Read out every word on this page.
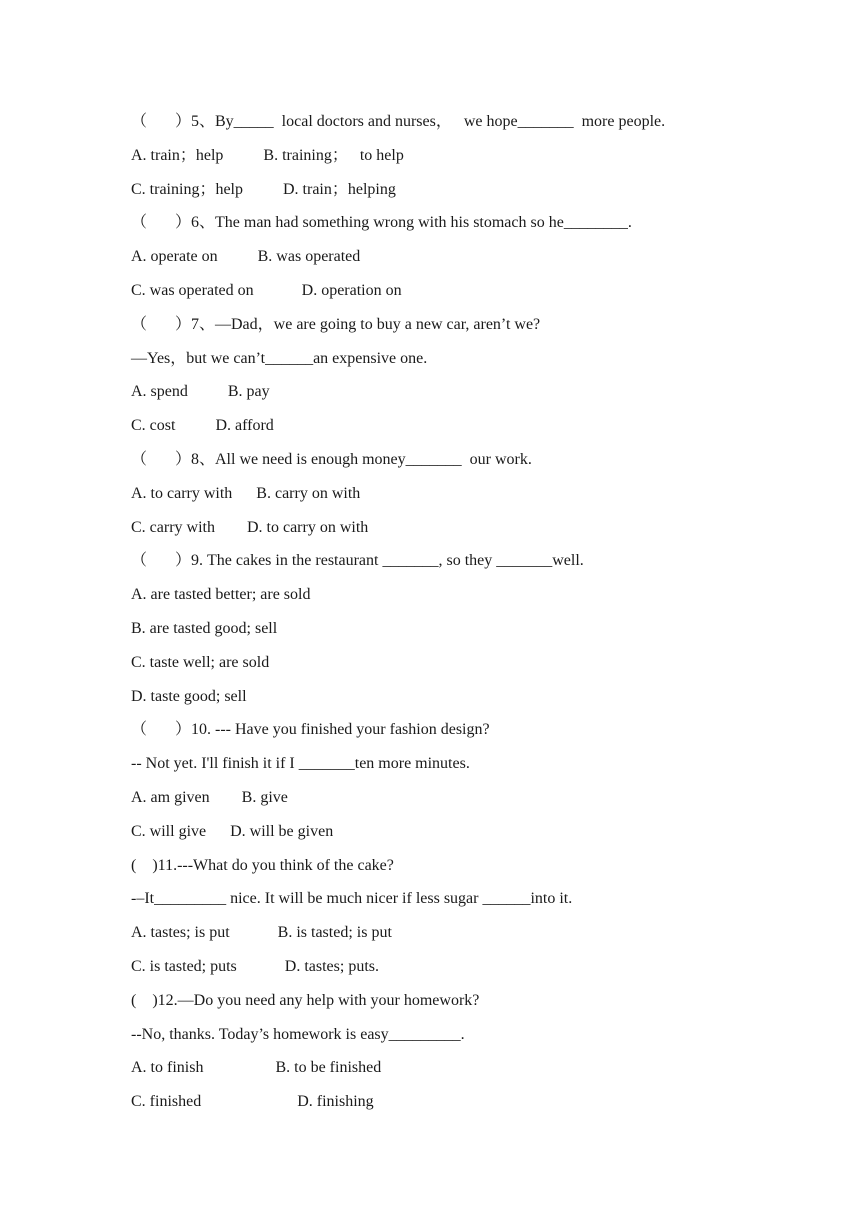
（　   ）5、By_____  local doctors and nurses，   we hope_______  more people.
A. train；help          B. training；   to help
C. training；help          D. train；helping
（　   ）6、The man had something wrong with his stomach so he________.
A. operate on          B. was operated
C. was operated on            D. operation on
（　   ）7、—Dad，we are going to buy a new car, aren’t we?
—Yes，but we can’t______an expensive one.
A. spend          B. pay
C. cost          D. afford
（　   ）8、All we need is enough money_______  our work.
A. to carry with      B. carry on with
C. carry with        D. to carry on with
（　   ）9. The cakes in the restaurant _______, so they _______well.
A. are tasted better; are sold
B. are tasted good; sell
C. taste well; are sold
D. taste good; sell
（　   ）10. --- Have you finished your fashion design?
-- Not yet. I'll finish it if I _______ten more minutes.
A. am given        B. give
C. will give      D. will be given
(    )11.---What do you think of the cake?
-–It_________ nice. It will be much nicer if less sugar ______into it.
A. tastes; is put            B. is tasted; is put
C. is tasted; puts            D. tastes; puts.
(    )12.—Do you need any help with your homework?
--No, thanks. Today’s homework is easy_________.
A. to finish                  B. to be finished
C. finished                        D. finishing
